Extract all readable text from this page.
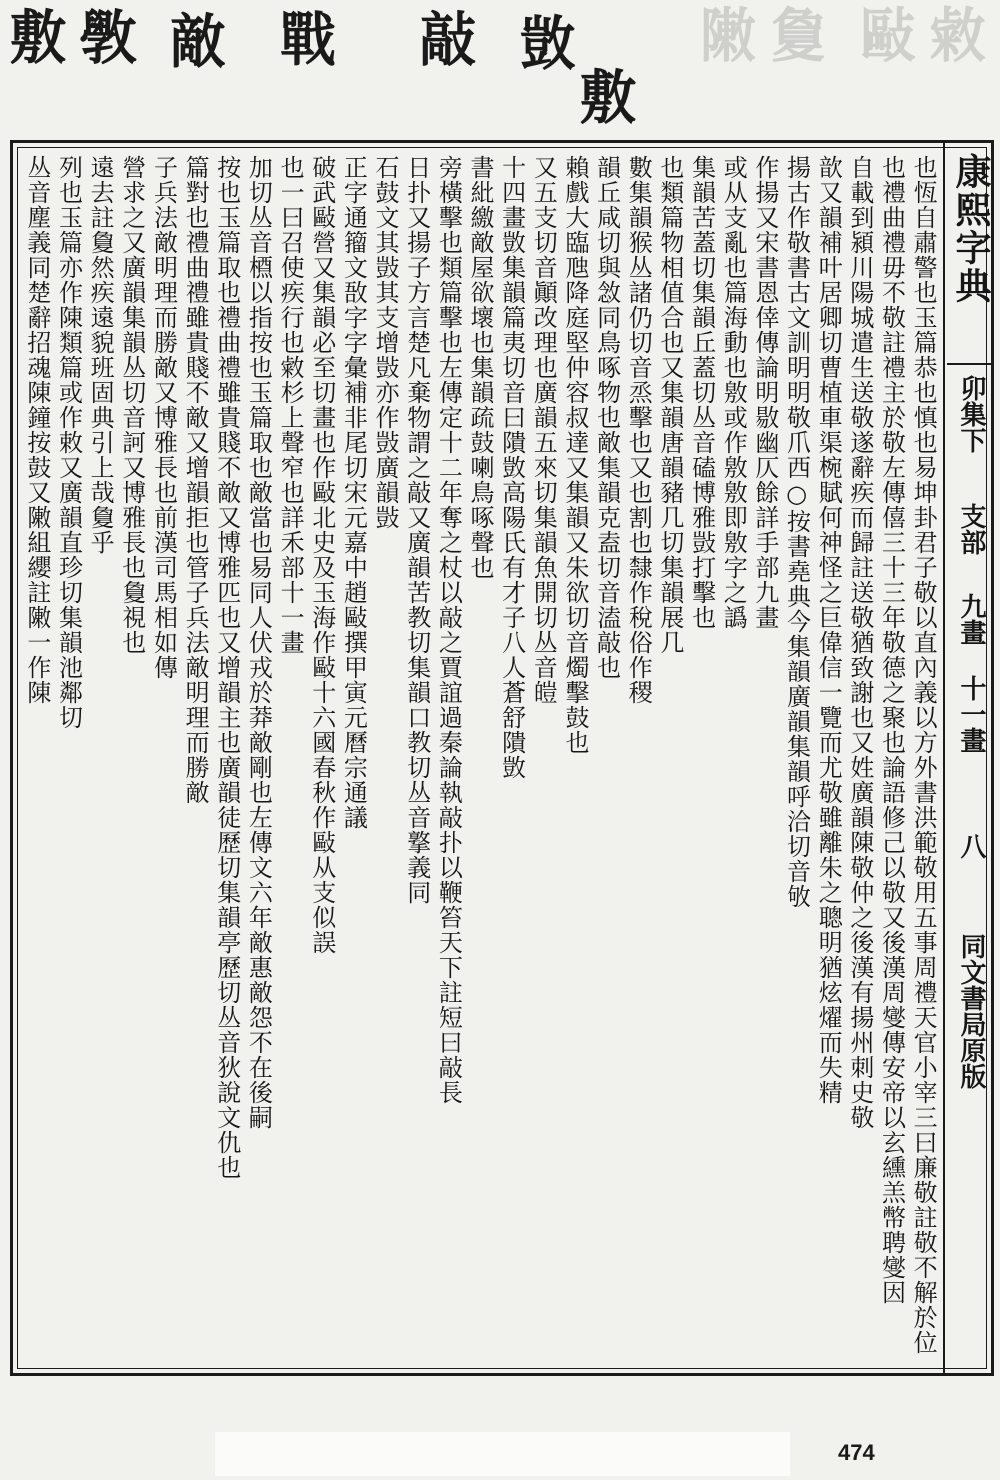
敷 斆 敵 戰 敲 敳
敷
敶 敻 敺 敹
也恆自肅警也玉篇恭也慎也易坤卦君子敬以直內義以方外書洪範敬用五事周禮天官小宰三曰廉敬註敬不解於位
也禮曲禮毋不敬註禮主於敬左傳僖三十三年敬德之聚也論語修己以敬又後漢周燮傳安帝以玄纁羔幣聘燮因
自載到潁川陽城遣生送敬遂辭疾而歸註送敬猶致謝也又姓廣韻陳敬仲之後漢有揚州刺史敬
歆又韻補叶居卿切曹植車渠椀賦何神怪之巨偉信一覽而尤敬雖離朱之聰明猶炫燿而失精
揚古作敬書古文訓明明敬爪西○按書堯典今集韻廣韻集韻呼洽切音敂
作揚又宋書恩倖傳論明敭幽仄餘詳手部九畫
或从支亂也篇海動也敫或作敫敫即敫字之譌
集韻苦蓋切集韻丘蓋切丛音磕博雅敱打擊也
也類篇物相值合也又集韻唐韻豬几切集韻展几
數集韻猴丛諸仍切音烝擊也又也割也隸作稅俗作稷
韻丘咸切與敜同鳥啄物也敵集韻克盍切音溘敲也
賴戲大臨虺降庭堅仲容叔達又集韻又朱欲切音燭擊鼓也
又五支切音顚改理也廣韻五來切集韻魚開切丛音皚
十四畫敳集韻篇夷切音曰隤敳高陽氏有才子八人蒼舒隤敳
書紕繳敵屋欲壞也集韻疏鼓喇鳥啄聲也
旁橫擊也類篇擊也左傳定十二年奪之杖以敲之賈誼過秦論執敲扑以鞭笞天下註短曰敲長
日扑又揚子方言楚凡棄物謂之敲又廣韻苦教切集韻口教切丛音撉義同
石鼓文其敱其支增敱亦作敱廣韻敱
正字通籀文敔字字彙補非尾切宋元嘉中趙敺撰甲寅元曆宗通議
破武敺營又集韻必至切畫也作敺北史及玉海作敺十六國春秋作敺从支似誤
也一曰召使疾行也敹杉上聲窄也詳禾部十一畫
加切丛音槱以指按也玉篇取也敵當也易同人伏戎於莽敵剛也左傳文六年敵惠敵怨不在後嗣
按也玉篇取也禮曲禮雖貴賤不敵又博雅匹也又增韻主也廣韻徒歷切集韻亭歷切丛音狄說文仇也
篇對也禮曲禮雖貴賤不敵又增韻拒也管子兵法敵明理而勝敵
子兵法敵明理而勝敵又博雅長也前漢司馬相如傳
營求之又廣韻集韻丛切音訶又博雅長也敻視也
遠去註敻然疾遠貌班固典引上哉敻乎
列也玉篇亦作陳類篇或作敕又廣韻直珍切集韻池鄰切
丛音塵義同楚辭招魂陳鐘按鼓又敶組纓註敶一作陳	康熙字典
卯集下
支部
九畫 十一畫
八
同文書局原版
474
